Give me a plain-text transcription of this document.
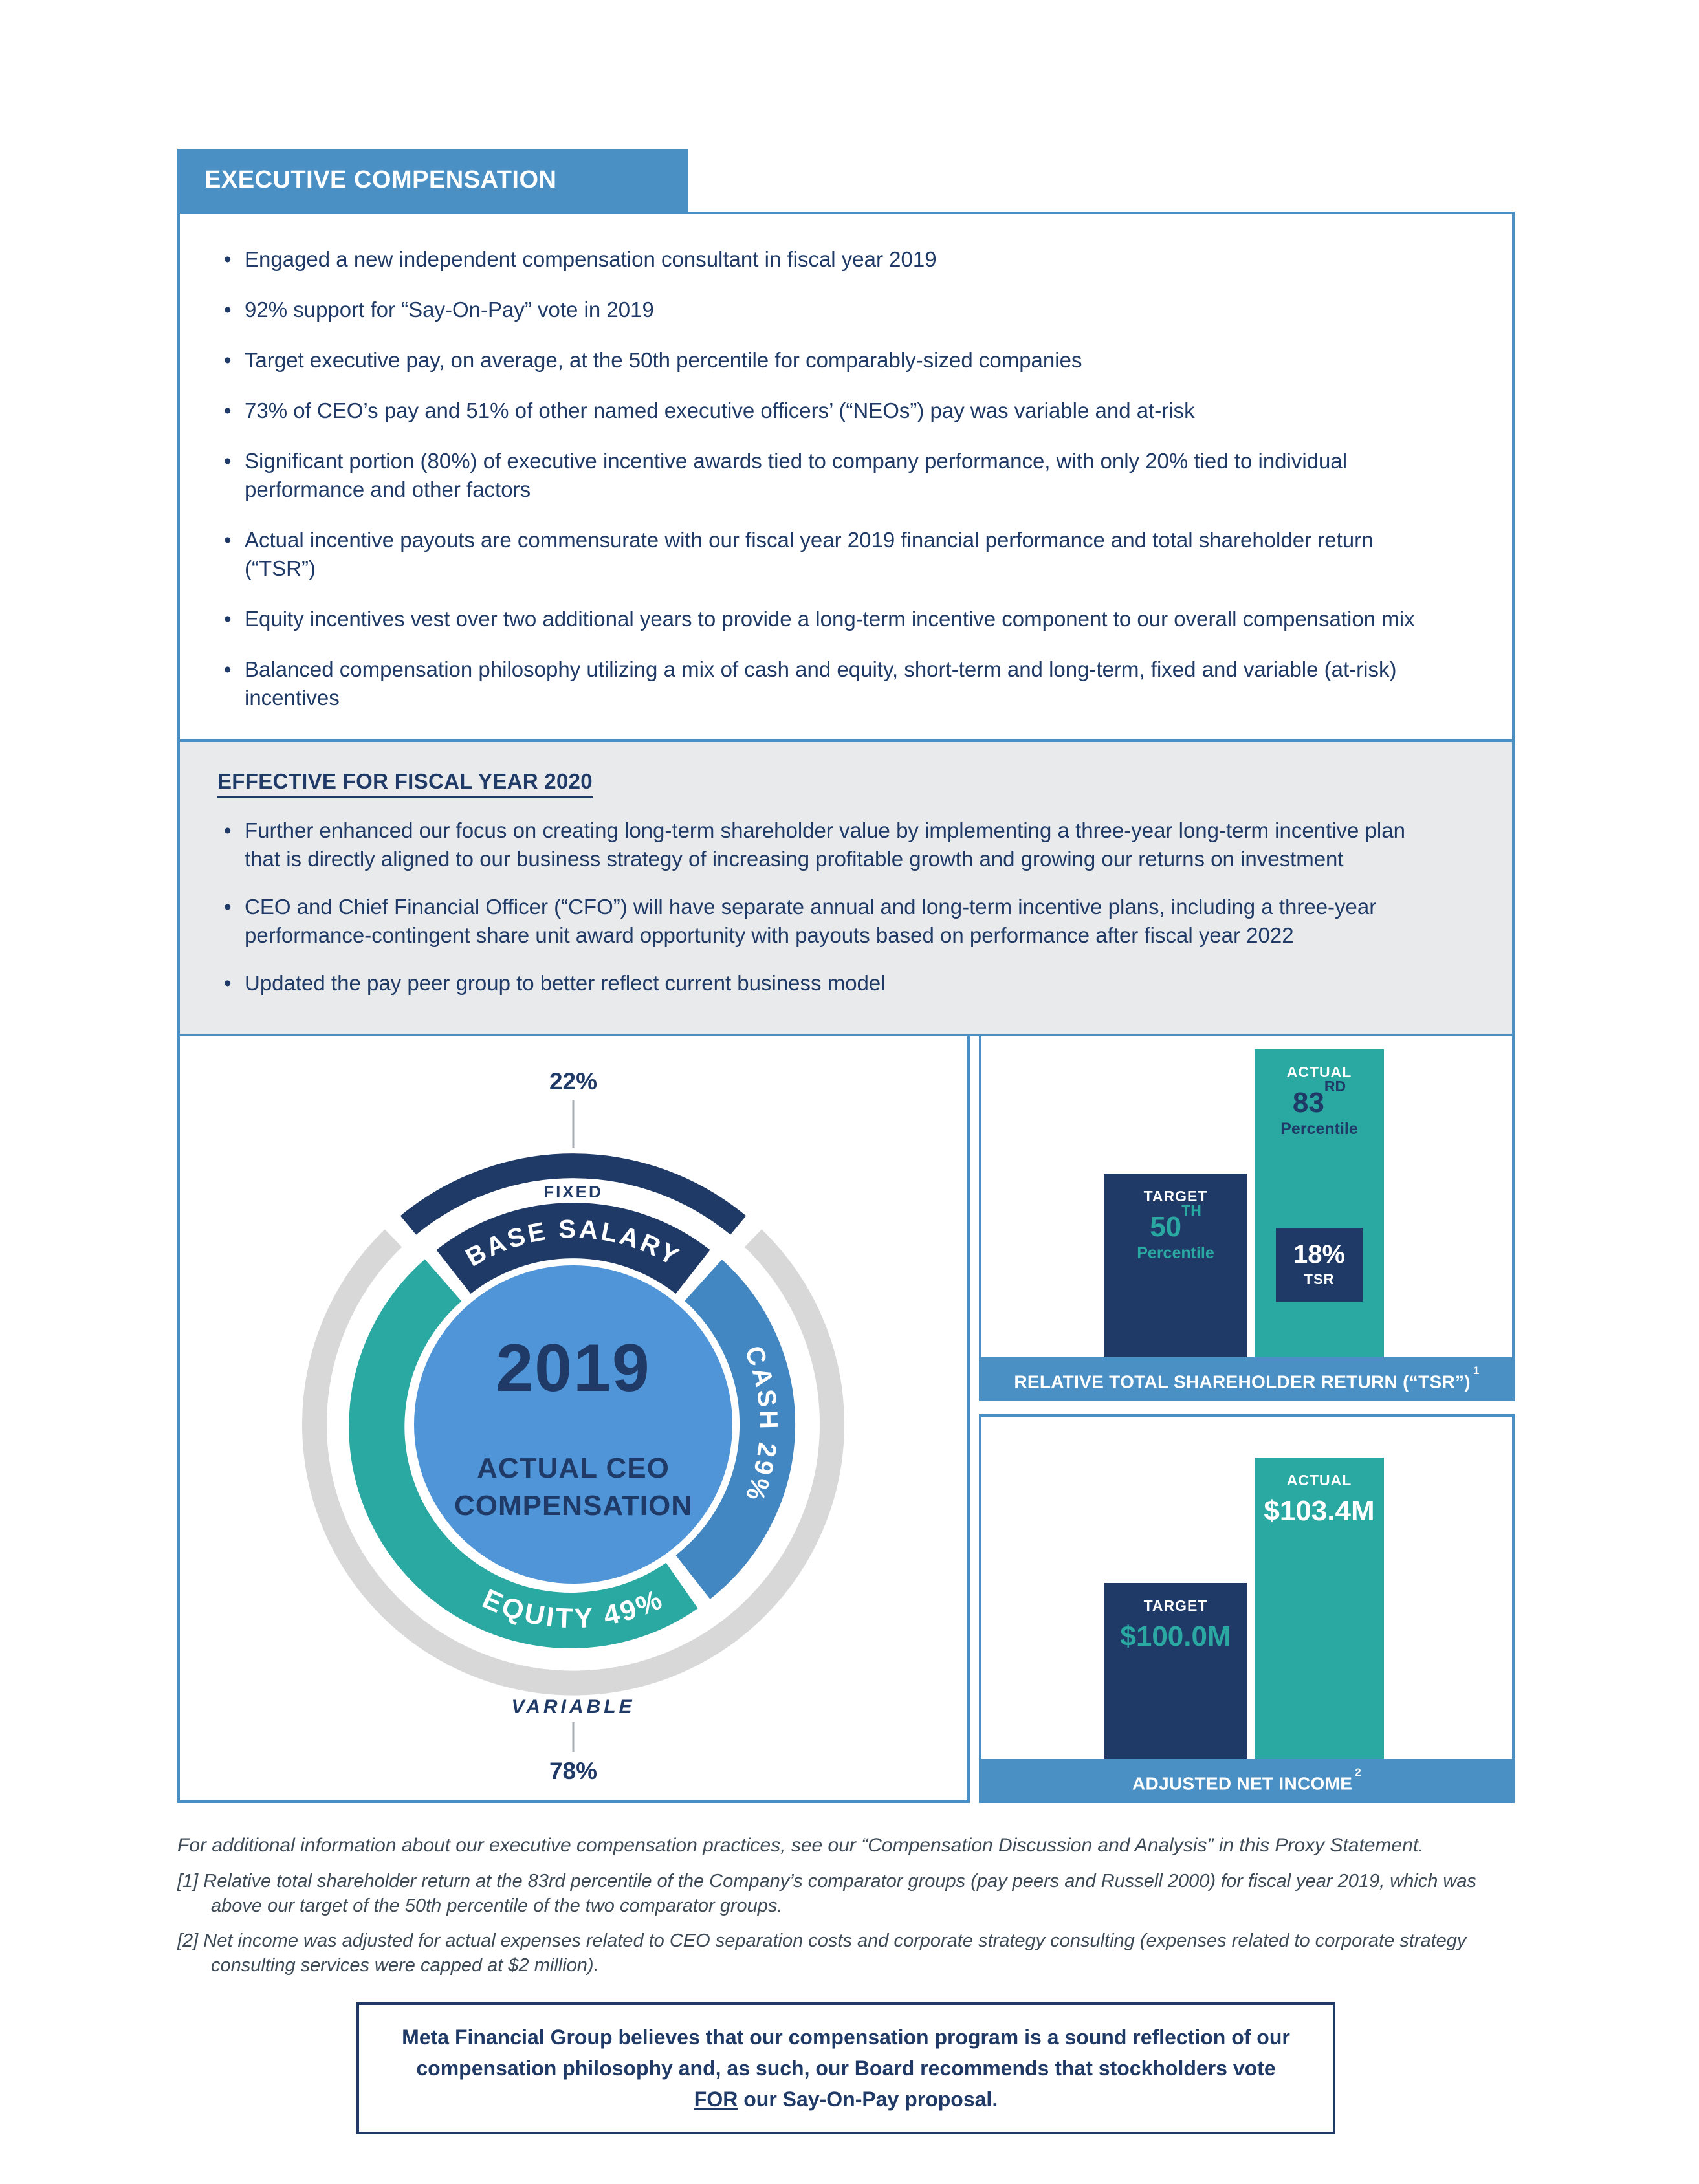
EXECUTIVE COMPENSATION HIGHLIGHTS
• Engaged a new independent compensation consultant in fiscal year 2019
• 92% support for “Say-On-Pay” vote in 2019
• Target executive pay, on average, at the 50th percentile for comparably-sized companies
• 73% of CEO’s pay and 51% of other named executive officers’ (“NEOs”) pay was variable and at-risk
• Significant portion (80%) of executive incentive awards tied to company performance, with only 20% tied to individual performance and other factors
• Actual incentive payouts are commensurate with our fiscal year 2019 financial performance and total shareholder return (“TSR”)
• Equity incentives vest over two additional years to provide a long-term incentive component to our overall compensation mix
• Balanced compensation philosophy utilizing a mix of cash and equity, short-term and long-term, fixed and variable (at-risk) incentives
EFFECTIVE FOR FISCAL YEAR 2020
• Further enhanced our focus on creating long-term shareholder value by implementing a three-year long-term incentive plan that is directly aligned to our business strategy of increasing profitable growth and growing our returns on investment
• CEO and Chief Financial Officer (“CFO”) will have separate annual and long-term incentive plans, including a three-year performance-contingent share unit award opportunity with payouts based on performance after fiscal year 2022
• Updated the pay peer group to better reflect current business model
2019
ACTUAL CEO
COMPENSATION
BASE SALARY
CASH 29%
EQUITY 49%
22%
FIXED
VARIABLE
78%
TARGET
50TH
Percentile
ACTUAL
83RD
Percentile
18%
TSR
RELATIVE TOTAL SHAREHOLDER RETURN (“TSR”)$^1$
TARGET
$100.0M
ACTUAL
$103.4M
ADJUSTED NET INCOME$^2$

For additional information about our executive compensation practices, see our “Compensation Discussion and Analysis” in this Proxy Statement.

[1] Relative total shareholder return at the 83rd percentile of the Company’s comparator groups (pay peers and Russell 2000) for fiscal year 2019, which was above our target of the 50th percentile of the two comparator groups.

[2] Net income was adjusted for actual expenses related to CEO separation costs and corporate strategy consulting (expenses related to corporate strategy consulting services were capped at $2 million).

Meta Financial Group believes that our compensation program is a sound reflection of our compensation philosophy and, as such, our Board recommends that stockholders vote FOR our Say-On-Pay proposal.
